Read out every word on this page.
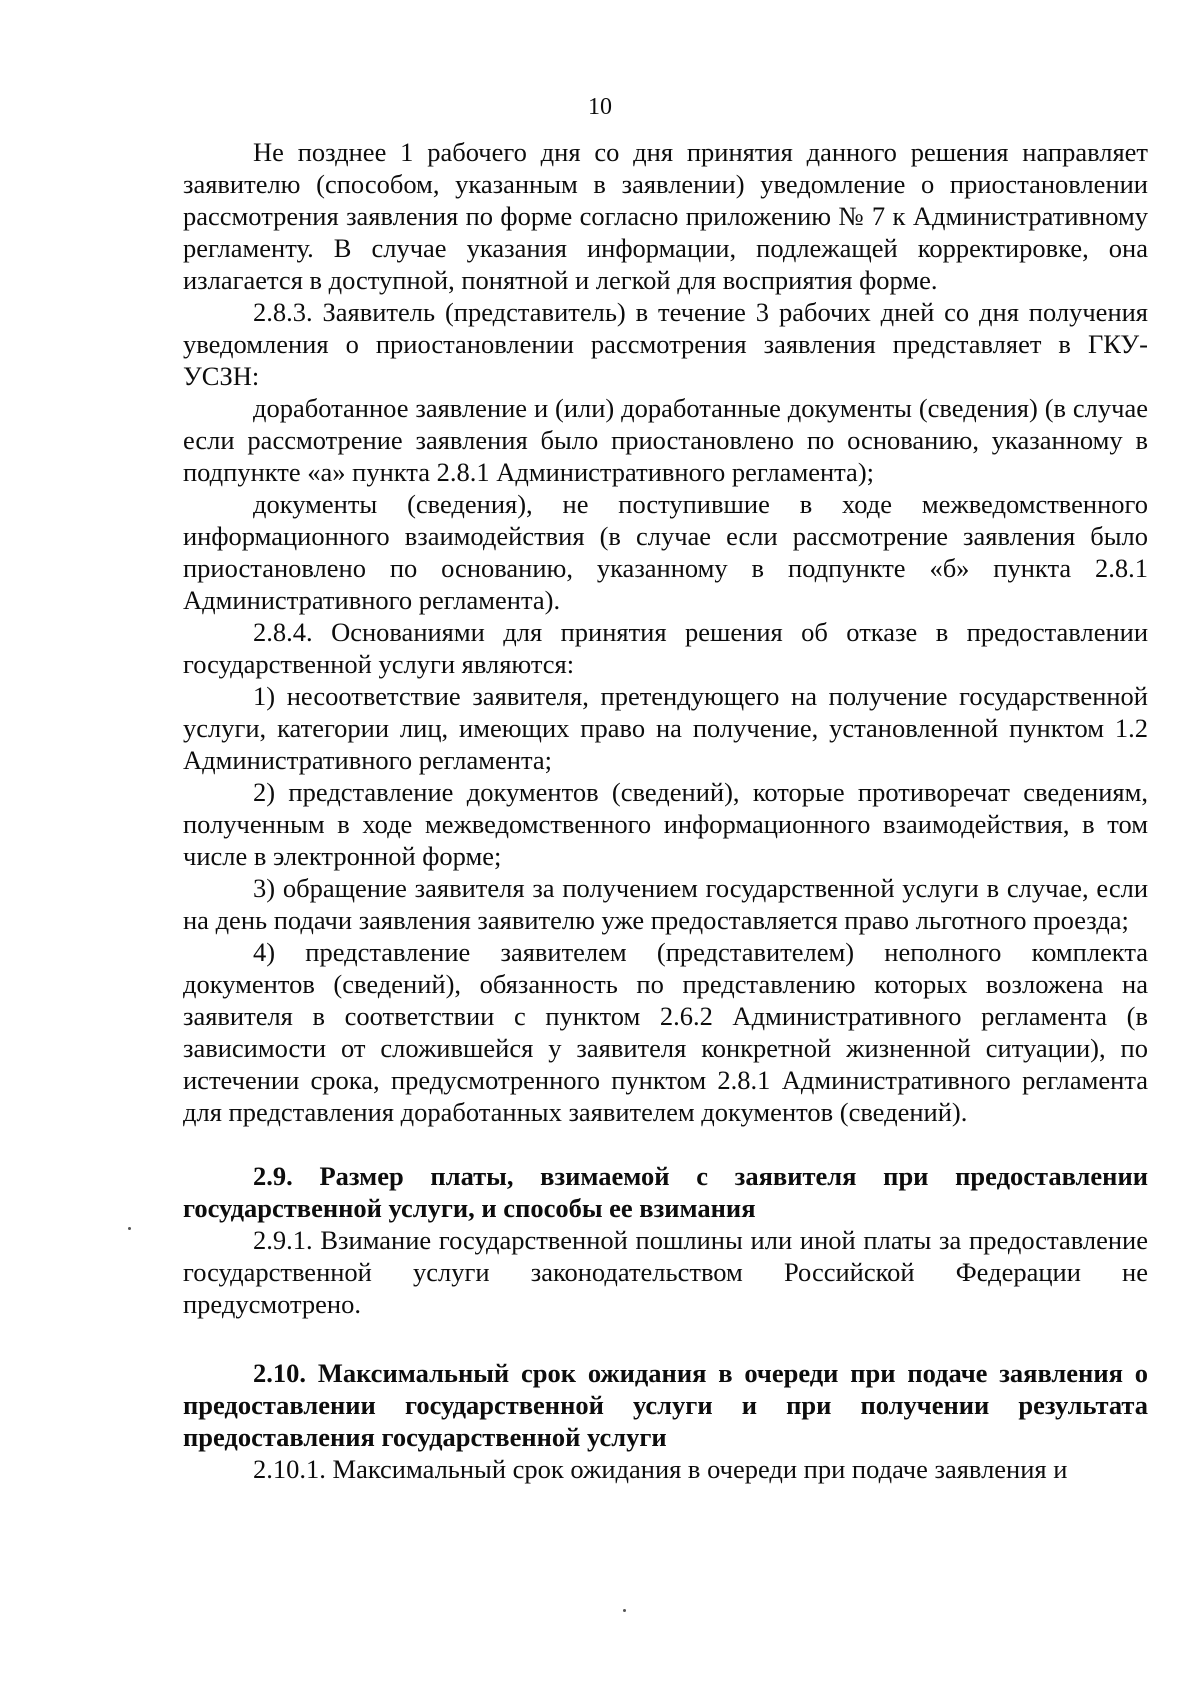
10

Не позднее 1 рабочего дня со дня принятия данного решения направляет заявителю (способом, указанным в заявлении) уведомление о приостановлении рассмотрения заявления по форме согласно приложению № 7 к Административному регламенту. В случае указания информации, подлежащей корректировке, она излагается в доступной, понятной и легкой для восприятия форме.

2.8.3. Заявитель (представитель) в течение 3 рабочих дней со дня получения уведомления о приостановлении рассмотрения заявления представляет в ГКУ-УСЗН:

доработанное заявление и (или) доработанные документы (сведения) (в случае если рассмотрение заявления было приостановлено по основанию, указанному в подпункте «а» пункта 2.8.1 Административного регламента);

документы (сведения), не поступившие в ходе межведомственного информационного взаимодействия (в случае если рассмотрение заявления было приостановлено по основанию, указанному в подпункте «б» пункта 2.8.1 Административного регламента).

2.8.4. Основаниями для принятия решения об отказе в предоставлении государственной услуги являются:

1) несоответствие заявителя, претендующего на получение государственной услуги, категории лиц, имеющих право на получение, установленной пунктом 1.2 Административного регламента;

2) представление документов (сведений), которые противоречат сведениям, полученным в ходе межведомственного информационного взаимодействия, в том числе в электронной форме;

3) обращение заявителя за получением государственной услуги в случае, если на день подачи заявления заявителю уже предоставляется право льготного проезда;

4) представление заявителем (представителем) неполного комплекта документов (сведений), обязанность по представлению которых возложена на заявителя в соответствии с пунктом 2.6.2 Административного регламента (в зависимости от сложившейся у заявителя конкретной жизненной ситуации), по истечении срока, предусмотренного пунктом 2.8.1 Административного регламента для представления доработанных заявителем документов (сведений).

2.9. Размер платы, взимаемой с заявителя при предоставлении государственной услуги, и способы ее взимания

2.9.1. Взимание государственной пошлины или иной платы за предоставление государственной услуги законодательством Российской Федерации не предусмотрено.

2.10. Максимальный срок ожидания в очереди при подаче заявления о предоставлении государственной услуги и при получении результата предоставления государственной услуги

2.10.1. Максимальный срок ожидания в очереди при подаче заявления и
